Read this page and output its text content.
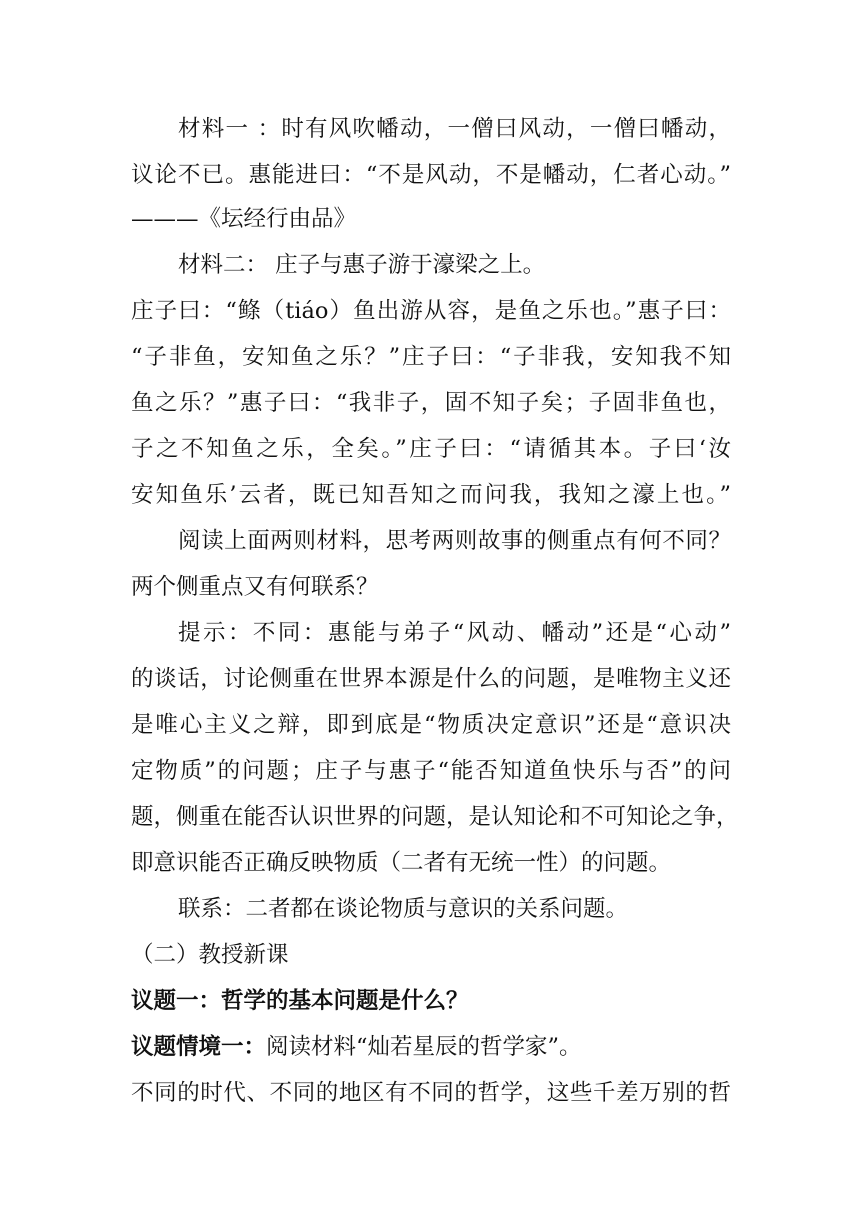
材料一 ：时有风吹幡动，一僧曰风动，一僧曰幡动，
议论不已。惠能进曰：“不是风动，不是幡动，仁者心动。”
———《坛经行由品》
材料二： 庄子与惠子游于濠梁之上。
庄子曰：“鲦（tiáo）鱼出游从容，是鱼之乐也。”惠子曰：
“子非鱼，安知鱼之乐？”庄子曰：“子非我，安知我不知
鱼之乐？”惠子曰：“我非子，固不知子矣；子固非鱼也，
子之不知鱼之乐，全矣。”庄子曰：“请循其本。子曰‘汝
安知鱼乐’云者，既已知吾知之而问我，我知之濠上也。”
阅读上面两则材料，思考两则故事的侧重点有何不同？
两个侧重点又有何联系？
提示：不同：惠能与弟子“风动、幡动”还是“心动”
的谈话，讨论侧重在世界本源是什么的问题，是唯物主义还
是唯心主义之辩，即到底是“物质决定意识”还是“意识决
定物质”的问题；庄子与惠子“能否知道鱼快乐与否”的问
题，侧重在能否认识世界的问题，是认知论和不可知论之争，
即意识能否正确反映物质（二者有无统一性）的问题。
联系：二者都在谈论物质与意识的关系问题。
（二）教授新课
议题一：哲学的基本问题是什么？
议题情境一：阅读材料“灿若星辰的哲学家”。
不同的时代、不同的地区有不同的哲学，这些千差万别的哲
